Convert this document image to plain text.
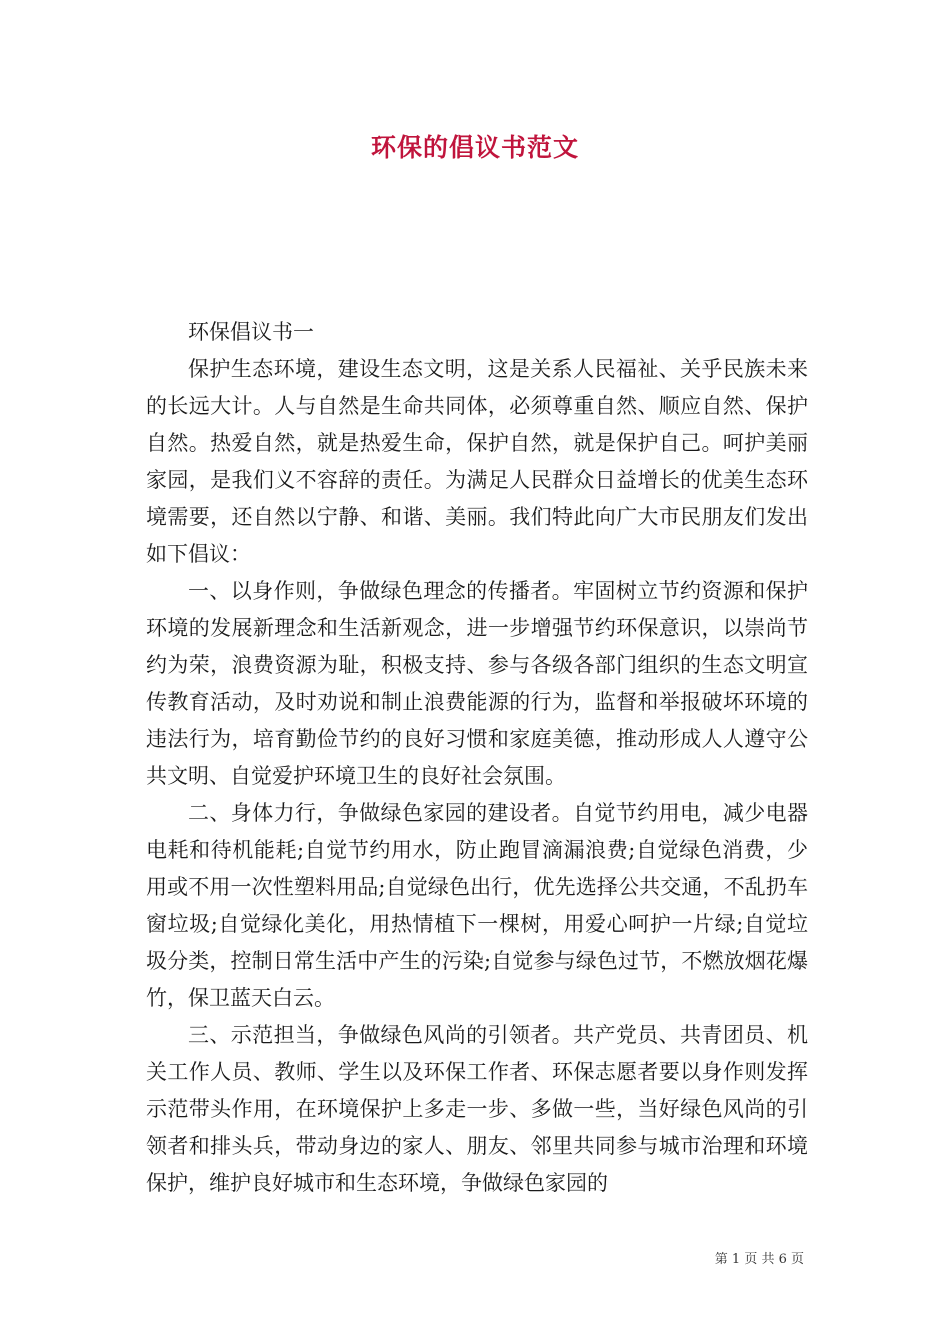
环保的倡议书范文

环保倡议书一

保护生态环境，建设生态文明，这是关系人民福祉、关乎民族未来的长远大计。人与自然是生命共同体，必须尊重自然、顺应自然、保护自然。热爱自然，就是热爱生命，保护自然，就是保护自己。呵护美丽家园，是我们义不容辞的责任。为满足人民群众日益增长的优美生态环境需要，还自然以宁静、和谐、美丽。我们特此向广大市民朋友们发出如下倡议：

一、以身作则，争做绿色理念的传播者。牢固树立节约资源和保护环境的发展新理念和生活新观念，进一步增强节约环保意识，以崇尚节约为荣，浪费资源为耻，积极支持、参与各级各部门组织的生态文明宣传教育活动，及时劝说和制止浪费能源的行为，监督和举报破坏环境的违法行为，培育勤俭节约的良好习惯和家庭美德，推动形成人人遵守公共文明、自觉爱护环境卫生的良好社会氛围。

二、身体力行，争做绿色家园的建设者。自觉节约用电，减少电器电耗和待机能耗;自觉节约用水，防止跑冒滴漏浪费;自觉绿色消费，少用或不用一次性塑料用品;自觉绿色出行，优先选择公共交通，不乱扔车窗垃圾;自觉绿化美化，用热情植下一棵树，用爱心呵护一片绿;自觉垃圾分类，控制日常生活中产生的污染;自觉参与绿色过节，不燃放烟花爆竹，保卫蓝天白云。

三、示范担当，争做绿色风尚的引领者。共产党员、共青团员、机关工作人员、教师、学生以及环保工作者、环保志愿者要以身作则发挥示范带头作用，在环境保护上多走一步、多做一些，当好绿色风尚的引领者和排头兵，带动身边的家人、朋友、邻里共同参与城市治理和环境保护，维护良好城市和生态环境，争做绿色家园的

第 1 页 共 6 页
